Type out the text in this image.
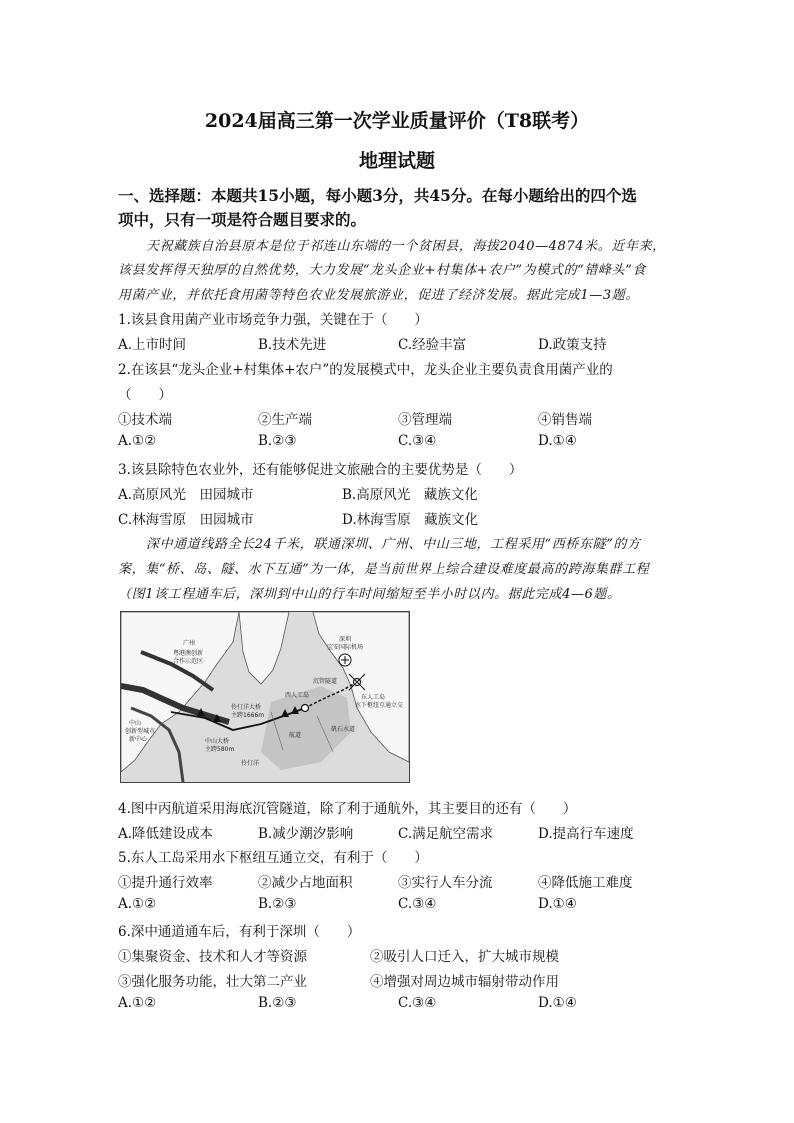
2024届高三第一次学业质量评价（T8联考）
地理试题
一、选择题：本题共15小题，每小题3分，共45分。在每小题给出的四个选
项中，只有一项是符合题目要求的。
天祝藏族自治县原本是位于祁连山东端的一个贫困县，海拔2040—4874米。近年来，
该县发挥得天独厚的自然优势，大力发展“龙头企业+村集体+农户”为模式的“错峰头”食
用菌产业，并依托食用菌等特色农业发展旅游业，促进了经济发展。据此完成1—3题。
1.该县食用菌产业市场竞争力强，关键在于（　　）
A.上市时间	B.技术先进	C.经验丰富	D.政策支持
2.在该县“龙头企业+村集体+农户”的发展模式中，龙头企业主要负责食用菌产业的
（　　）
①技术端	②生产端	③管理端	④销售端
A.①②	B.②③	C.③④	D.①④
3.该县除特色农业外，还有能够促进文旅融合的主要优势是（　　）
A.高原风光　田园城市	B.高原风光　藏族文化
C.林海雪原　田园城市	D.林海雪原　藏族文化
深中通道线路全长24千米，联通深圳、广州、中山三地，工程采用“西桥东隧”的方
案，集“桥、岛、隧、水下互通”为一体，是当前世界上综合建设难度最高的跨海集群工程
（图1该工程通车后，深圳到中山的行车时间缩短至半小时以内。据此完成4—6题。
广州
粤港澳创新
合作示范区
中山
创新型城市
新中心
伶仃洋大桥
主跨1666m
中山大桥
主跨580m
西人工岛	东人工岛
水下枢纽互通立交
深圳
宝安国际机场
沉管隧道
矾石水道
伶仃洋
航道
4.图中丙航道采用海底沉管隧道，除了利于通航外，其主要目的还有（　　）
A.降低建设成本	B.减少潮汐影响	C.满足航空需求	D.提高行车速度
5.东人工岛采用水下枢纽互通立交，有利于（　　）
①提升通行效率	②减少占地面积	③实行人车分流	④降低施工难度
A.①②	B.②③	C.③④	D.①④
6.深中通道通车后，有利于深圳（　　）
①集聚资金、技术和人才等资源	②吸引人口迁入，扩大城市规模
③强化服务功能，壮大第二产业	④增强对周边城市辐射带动作用
A.①②	B.②③	C.③④	D.①④
